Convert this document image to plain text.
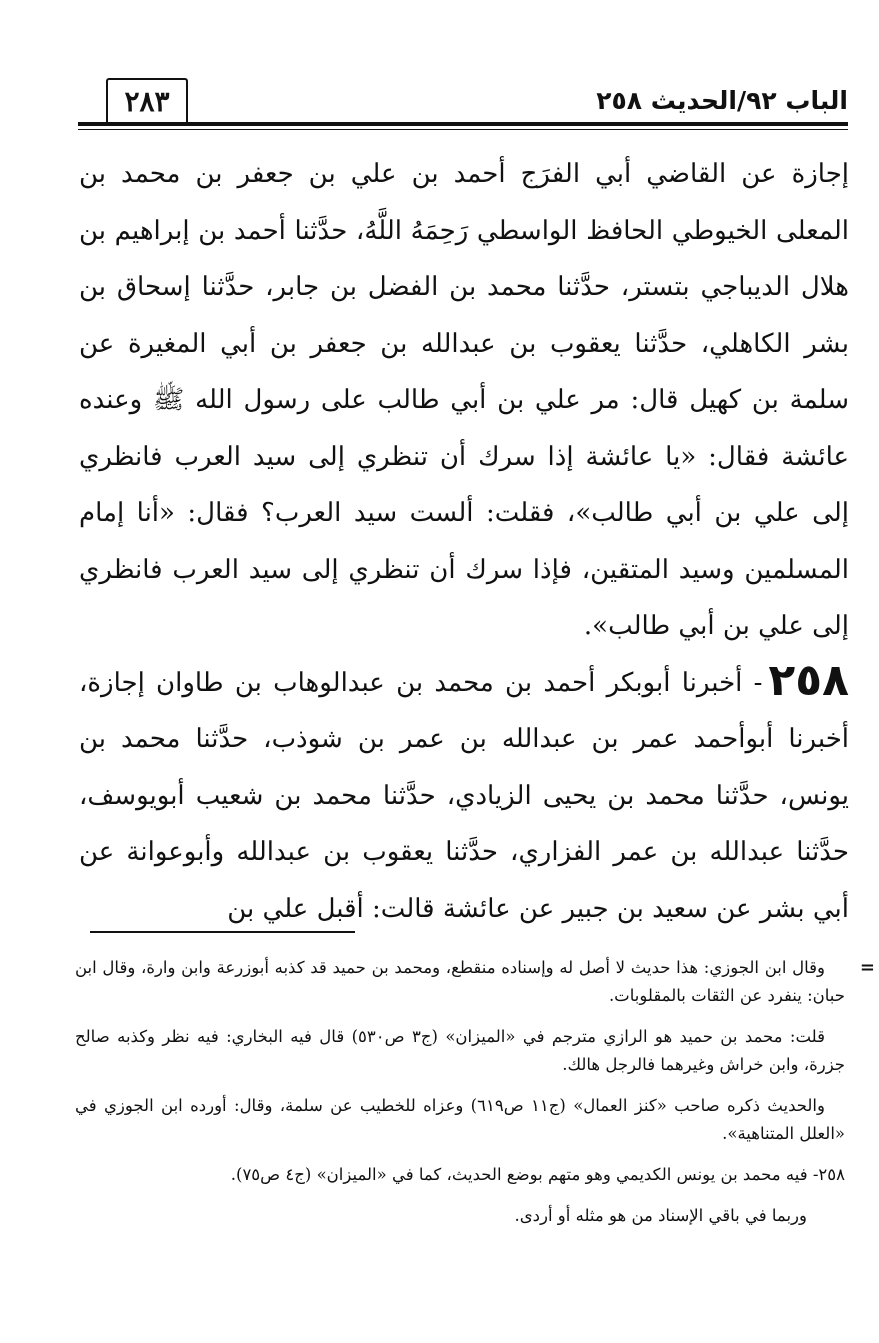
الباب ٩٢/الحديث ٢٥٨
٢٨٣

إجازة عن القاضي أبي الفرَج أحمد بن علي بن جعفر بن محمد بن المعلى الخيوطي الحافظ الواسطي رَحِمَهُ اللَّهُ، حدَّثنا أحمد بن إبراهيم بن هلال الديباجي بتستر، حدَّثنا محمد بن الفضل بن جابر، حدَّثنا إسحاق بن بشر الكاهلي، حدَّثنا يعقوب بن عبدالله بن جعفر بن أبي المغيرة عن سلمة بن كهيل قال: مر علي بن أبي طالب على رسول الله ﷺ وعنده عائشة فقال: «يا عائشة إذا سرك أن تنظري إلى سيد العرب فانظري إلى علي بن أبي طالب»، فقلت: ألست سيد العرب؟ فقال: «أنا إمام المسلمين وسيد المتقين، فإذا سرك أن تنظري إلى سيد العرب فانظري إلى علي بن أبي طالب».

٢٥٨- أخبرنا أبوبكر أحمد بن محمد بن عبدالوهاب بن طاوان إجازة، أخبرنا أبوأحمد عمر بن عبدالله بن عمر بن شوذب، حدَّثنا محمد بن يونس، حدَّثنا محمد بن يحيى الزيادي، حدَّثنا محمد بن شعيب أبويوسف، حدَّثنا عبدالله بن عمر الفزاري، حدَّثنا يعقوب بن عبدالله وأبوعوانة عن أبي بشر عن سعيد بن جبير عن عائشة قالت: أقبل علي بن

=
وقال ابن الجوزي: هذا حديث لا أصل له وإسناده منقطع، ومحمد بن حميد قد كذبه أبوزرعة وابن وارة، وقال ابن حبان: ينفرد عن الثقات بالمقلوبات.

قلت: محمد بن حميد هو الرازي مترجم في «الميزان» (ج٣ ص٥٣٠) قال فيه البخاري: فيه نظر وكذبه صالح جزرة، وابن خراش وغيرهما فالرجل هالك.

والحديث ذكره صاحب «كنز العمال» (ج١١ ص٦١٩) وعزاه للخطيب عن سلمة، وقال: أورده ابن الجوزي في «العلل المتناهية».

٢٥٨- فيه محمد بن يونس الكديمي وهو متهم بوضع الحديث، كما في «الميزان» (ج٤ ص٧٥).

وربما في باقي الإسناد من هو مثله أو أردى.
